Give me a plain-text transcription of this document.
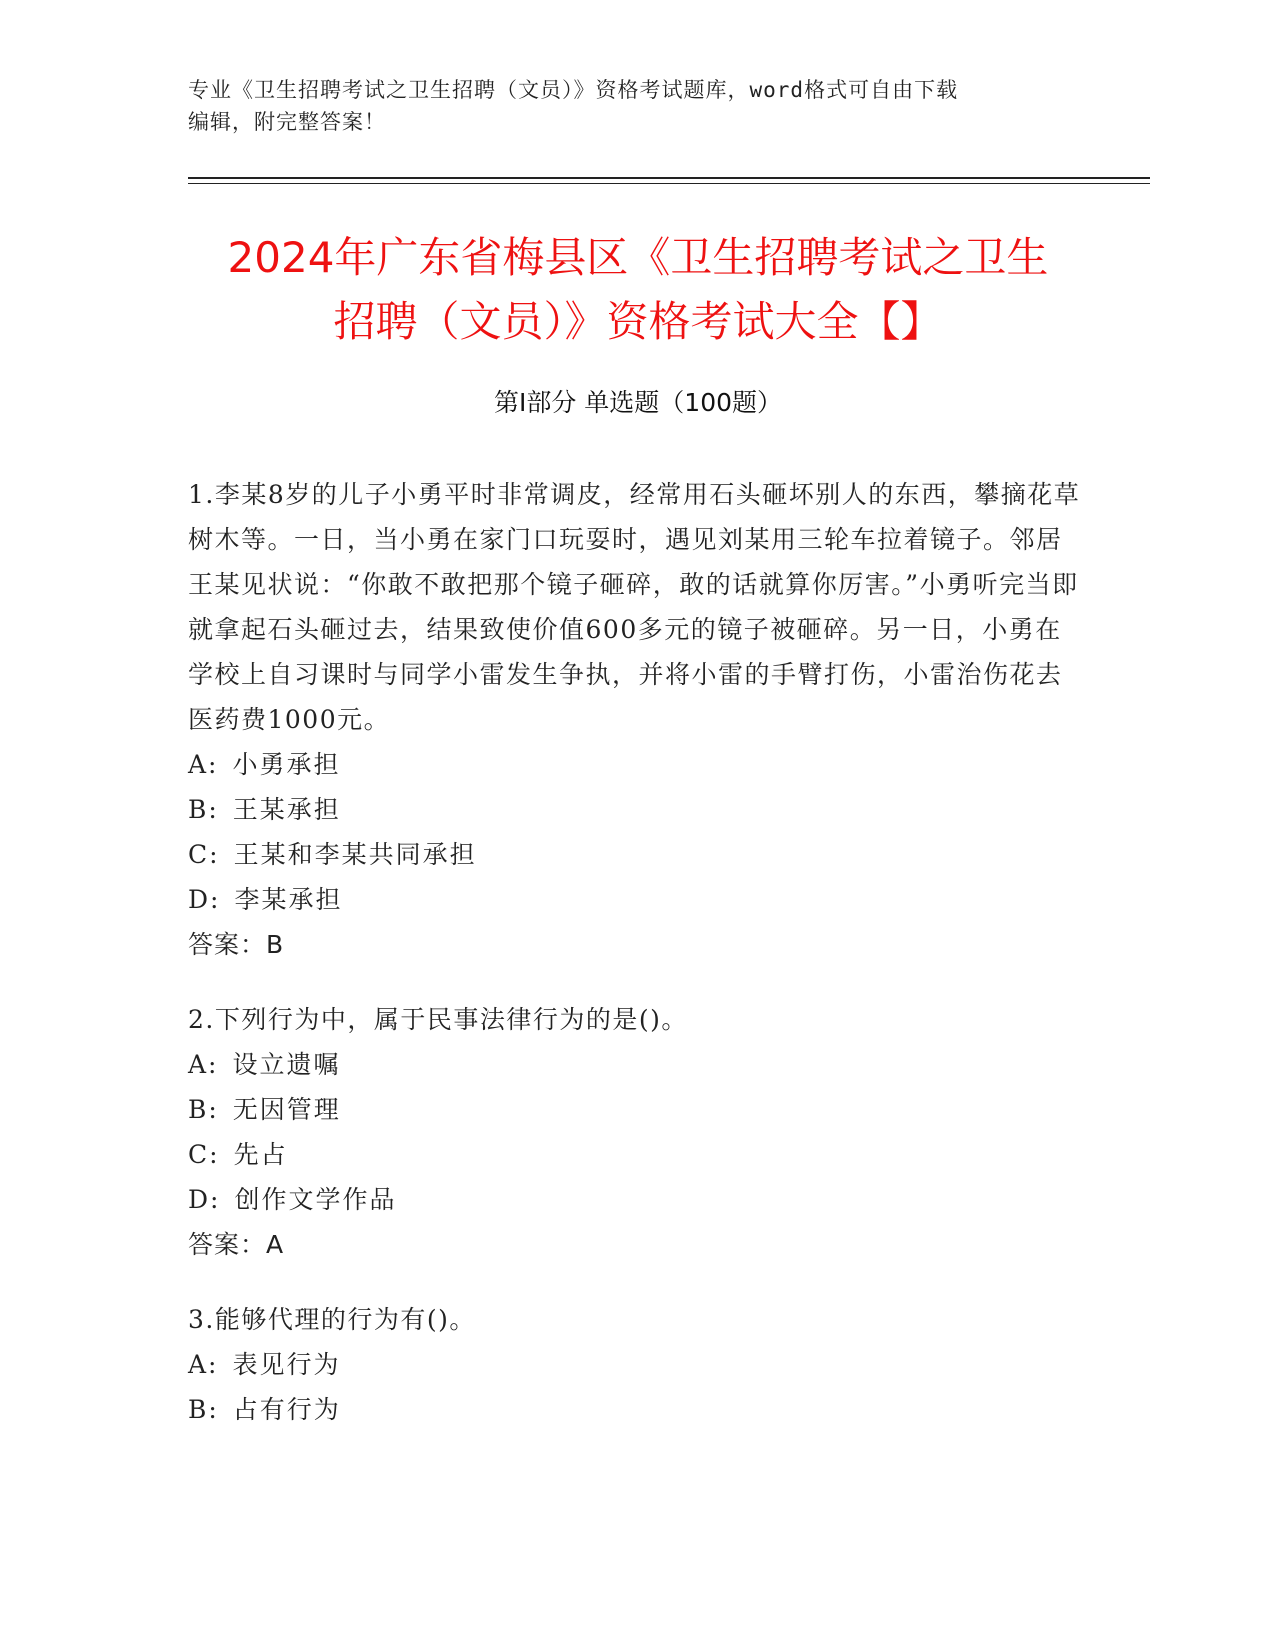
专业《卫生招聘考试之卫生招聘（文员）》资格考试题库，word格式可自由下载
编辑，附完整答案！
2024年广东省梅县区《卫生招聘考试之卫生
招聘（文员）》资格考试大全【】
第Ⅰ部分 单选题（100题）
1.李某8岁的儿子小勇平时非常调皮，经常用石头砸坏别人的东西，攀摘花草树木等。一日，当小勇在家门口玩耍时，遇见刘某用三轮车拉着镜子。邻居王某见状说：“你敢不敢把那个镜子砸碎，敢的话就算你厉害。”小勇听完当即就拿起石头砸过去，结果致使价值600多元的镜子被砸碎。另一日，小勇在学校上自习课时与同学小雷发生争执，并将小雷的手臂打伤，小雷治伤花去医药费1000元。
A: 小勇承担
B: 王某承担
C: 王某和李某共同承担
D: 李某承担
答案：B
2.下列行为中，属于民事法律行为的是()。
A: 设立遗嘱
B: 无因管理
C: 先占
D: 创作文学作品
答案：A
3.能够代理的行为有()。
A: 表见行为
B: 占有行为
